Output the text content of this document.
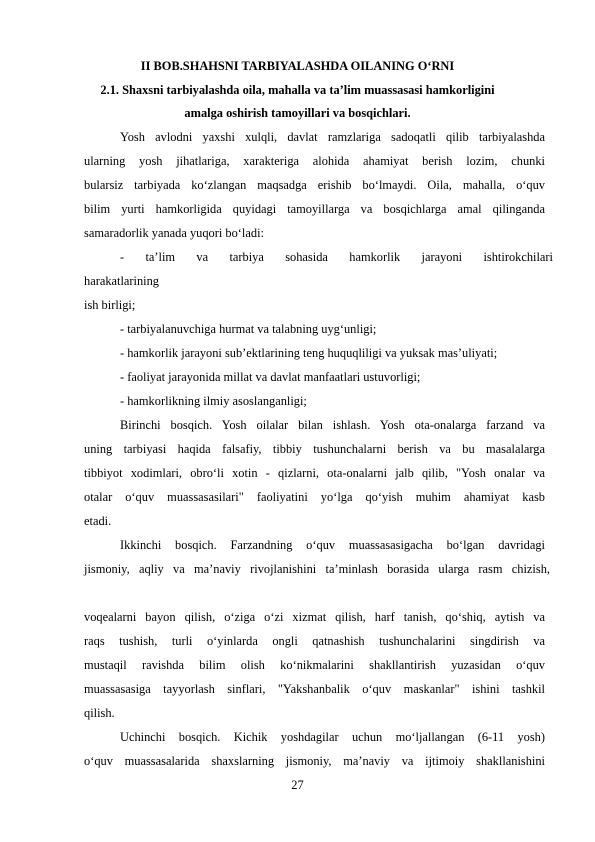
II BOB.SHAHSNI TARBIYALASHDA OILANING O‘RNI
2.1. Shaxsni tarbiyalashda oila, mahalla va ta’lim muassasasi hamkorligini
amalga oshirish tamoyillari va bosqichlari.
Yosh avlodni yaxshi xulqli, davlat ramzlariga sadoqatli qilib tarbiyalashda
ularning yosh jihatlariga, xarakteriga alohida ahamiyat berish lozim, chunki
bularsiz tarbiyada ko‘zlangan maqsadga erishib bo‘lmaydi. Oila, mahalla, o‘quv
bilim yurti hamkorligida quyidagi tamoyillarga va bosqichlarga amal qilinganda
samaradorlik yanada yuqori bo‘ladi:
- ta’lim va tarbiya sohasida hamkorlik jarayoni ishtirokchilari
harakatlarining
ish birligi;
- tarbiyalanuvchiga hurmat va talabning uyg‘unligi;
- hamkorlik jarayoni sub’ektlarining teng huquqliligi va yuksak mas’uliyati;
- faoliyat jarayonida millat va davlat manfaatlari ustuvorligi;
- hamkorlikning ilmiy asoslanganligi;
Birinchi bosqich. Yosh oilalar bilan ishlash. Yosh ota-onalarga farzand va
uning tarbiyasi haqida falsafiy, tibbiy tushunchalarni berish va bu masalalarga
tibbiyot xodimlari, obro‘li xotin - qizlarni, ota-onalarni jalb qilib, "Yosh onalar va
otalar o‘quv muassasasilari" faoliyatini yo‘lga qo‘yish muhim ahamiyat kasb
etadi.
Ikkinchi bosqich. Farzandning o‘quv muassasasigacha bo‘lgan davridagi
jismoniy, aqliy va ma’naviy rivojlanishini ta’minlash borasida ularga rasm chizish,
voqealarni bayon qilish, o‘ziga o‘zi xizmat qilish, harf tanish, qo‘shiq, aytish va
raqs tushish, turli o‘yinlarda ongli qatnashish tushunchalarini singdirish va
mustaqil ravishda bilim olish ko‘nikmalarini shakllantirish yuzasidan o‘quv
muassasasiga tayyorlash sinflari, "Yakshanbalik o‘quv maskanlar" ishini tashkil
qilish.
Uchinchi bosqich. Kichik yoshdagilar uchun mo‘ljallangan (6-11 yosh)
o‘quv muassasalarida shaxslarning jismoniy, ma’naviy va ijtimoiy shakllanishini
27
